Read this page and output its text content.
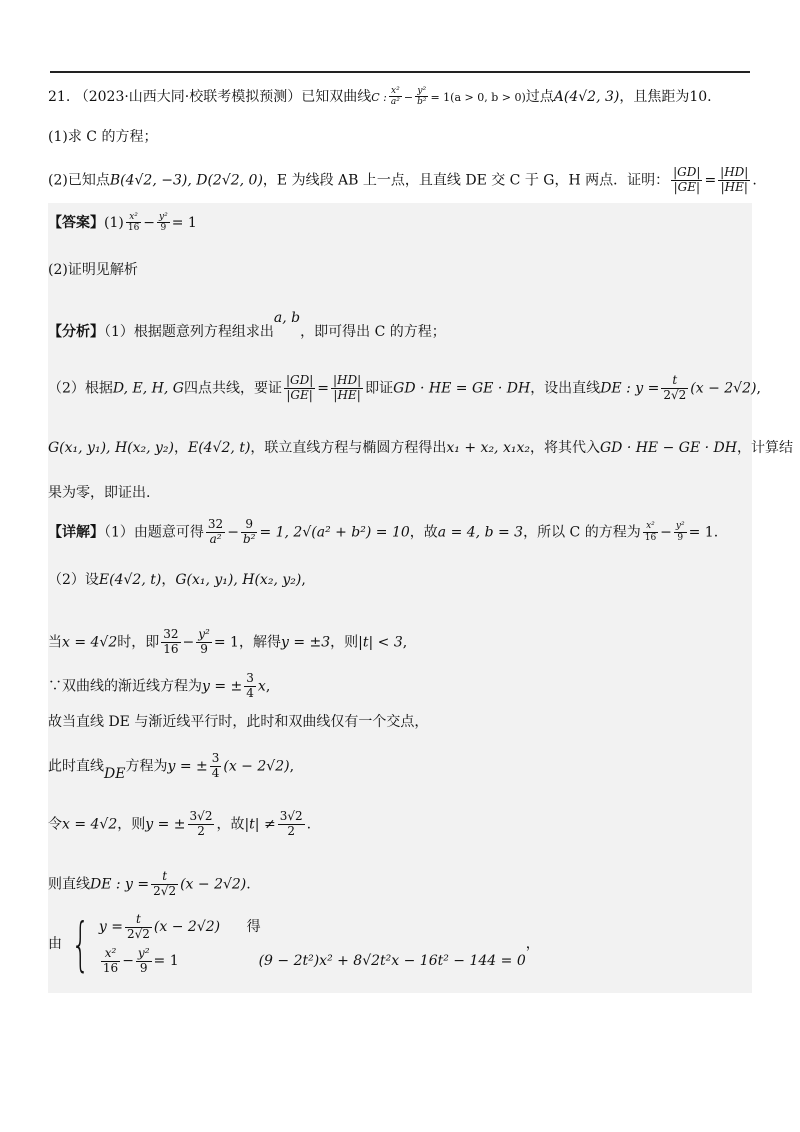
21. （2023·山西大同·校联考模拟预测）已知双曲线C : $\frac{\text{x²}}{\text{a²}} - \frac{\text{y²}}{\text{b²}} = 1(a > 0$, b > 0)过点A(4√2, 3)，且焦距为10.
(1)求 C 的方程；
(2)已知点B(4√2, −3), D(2√2, 0)，E 为线段 AB 上一点，且直线 DE 交 C 于 G，H 两点．证明： $\frac{|GD|}{|GE|} = \frac{|HD|}{|HE|}$ .
【答案】$(1) \frac{\text{x²}}{16} - \frac{\text{y²}}{9} = 1$
(2)证明见解析
【分析】（1）根据题意列方程组求出a, b，即可得出 C 的方程；
（2）根据D, E, H, G四点共线，要证 $\frac{|GD|}{|GE|} = \frac{|HD|}{|HE|}$ 即证GD · HE = GE · DH，设出直线DE : $y = \frac{t}{2√2} (x - 2√2)$,
G(x₁, y₁), H(x₂, y₂)，E(4√2, t)，联立直线方程与椭圆方程得出x₁ + x₂, x₁x₂，将其代入GD · HE − GE · DH，计算结
果为零，即证出.
【详解】（1）由题意可得 $\frac{32}{\text{a²}} - \frac{9}{\text{b²}} = 1$, 2√(a² + b²) = 10，故a = 4, b = 3，所以 C 的方程为 $\frac{\text{x²}}{16} - \frac{\text{y²}}{9} = 1$.
（2）设E(4√2, t)，G(x₁, y₁), H(x₂, y₂),
当x = 4√2时，即 $\frac{32}{16} - \frac{\text{y²}}{9} = 1$，解得y = ±3，则|t| < 3,
∵双曲线的渐近线方程为y = ± $\frac{3}{4} x$,
故当直线 DE 与渐近线平行时，此时和双曲线仅有一个交点，
此时直线DE方程为y = ± $\frac{3}{4} (x - 2√2)$,
令x = 4√2，则y = ± $\frac{3√2}{2}$ ，故$|t| \ne \frac{3√2}{2}$ .
则直线DE : $y = \frac{t}{2√2} (x - 2√2)$.
由 { $y = \frac{t}{2√2} (x - 2√2)$
$\frac{\text{x²}}{16} - \frac{\text{y²}}{9} = 1$

得
(9 − 2t²)x² + 8√2t²x − 16t² − 144 = 0
，
